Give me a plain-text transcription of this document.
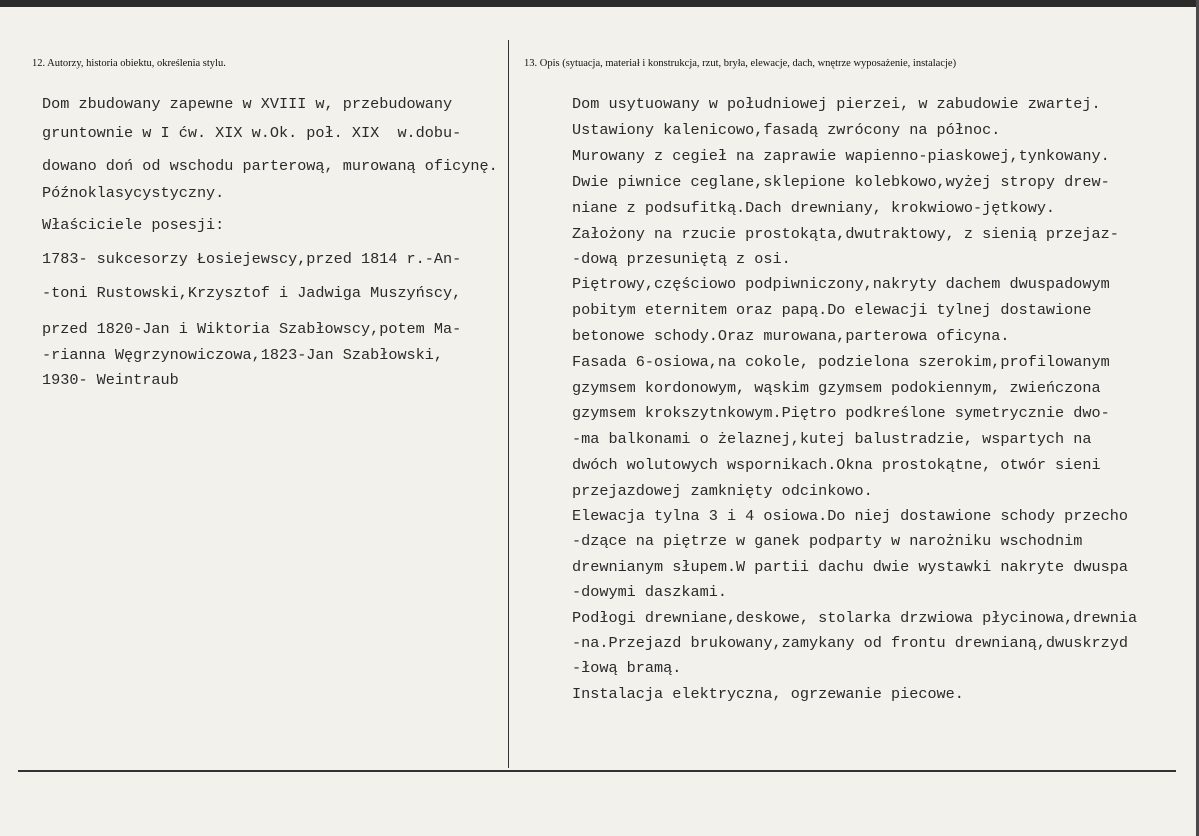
12. Autorzy, historia obiektu, określenia stylu.	13. Opis (sytuacja, materiał i konstrukcja, rzut, bryła, elewacje, dach, wnętrze wyposażenie, instalacje)

Dom zbudowany zapewne w XVIII w, przebudowany

gruntownie w I ćw. XIX w.Ok. poł. XIX  w.dobu-

dowano doń od wschodu parterową, murowaną oficynę.

Późnoklasycystyczny.

Właściciele posesji:

1783- sukcesorzy Łosiejewscy,przed 1814 r.-An-

-toni Rustowski,Krzysztof i Jadwiga Muszyńscy,

przed 1820-Jan i Wiktoria Szabłowscy,potem Ma-

-rianna Węgrzynowiczowa,1823-Jan Szabłowski,

1930- Weintraub

Dom usytuowany w południowej pierzei, w zabudowie zwartej.

Ustawiony kalenicowo,fasadą zwrócony na północ.

Murowany z cegieł na zaprawie wapienno-piaskowej,tynkowany.

Dwie piwnice ceglane,sklepione kolebkowo,wyżej stropy drew-

niane z podsufitką.Dach drewniany, krokwiowo-jętkowy.

Założony na rzucie prostokąta,dwutraktowy, z sienią przejaz-

-dową przesuniętą z osi.

Piętrowy,częściowo podpiwniczony,nakryty dachem dwuspadowym

pobitym eternitem oraz papą.Do elewacji tylnej dostawione

betonowe schody.Oraz murowana,parterowa oficyna.

Fasada 6-osiowa,na cokole, podzielona szerokim,profilowanym

gzymsem kordonowym, wąskim gzymsem podokiennym, zwieńczona

gzymsem krokszytnkowym.Piętro podkreślone symetrycznie dwo-

-ma balkonami o żelaznej,kutej balustradzie, wspartych na

dwóch wolutowych wspornikach.Okna prostokątne, otwór sieni

przejazdowej zamknięty odcinkowo.

Elewacja tylna 3 i 4 osiowa.Do niej dostawione schody przecho

-dzące na piętrze w ganek podparty w narożniku wschodnim

drewnianym słupem.W partii dachu dwie wystawki nakryte dwuspa

-dowymi daszkami.

Podłogi drewniane,deskowe, stolarka drzwiowa płycinowa,drewnia

-na.Przejazd brukowany,zamykany od frontu drewnianą,dwuskrzyd

-łową bramą.

Instalacja elektryczna, ogrzewanie piecowe.
